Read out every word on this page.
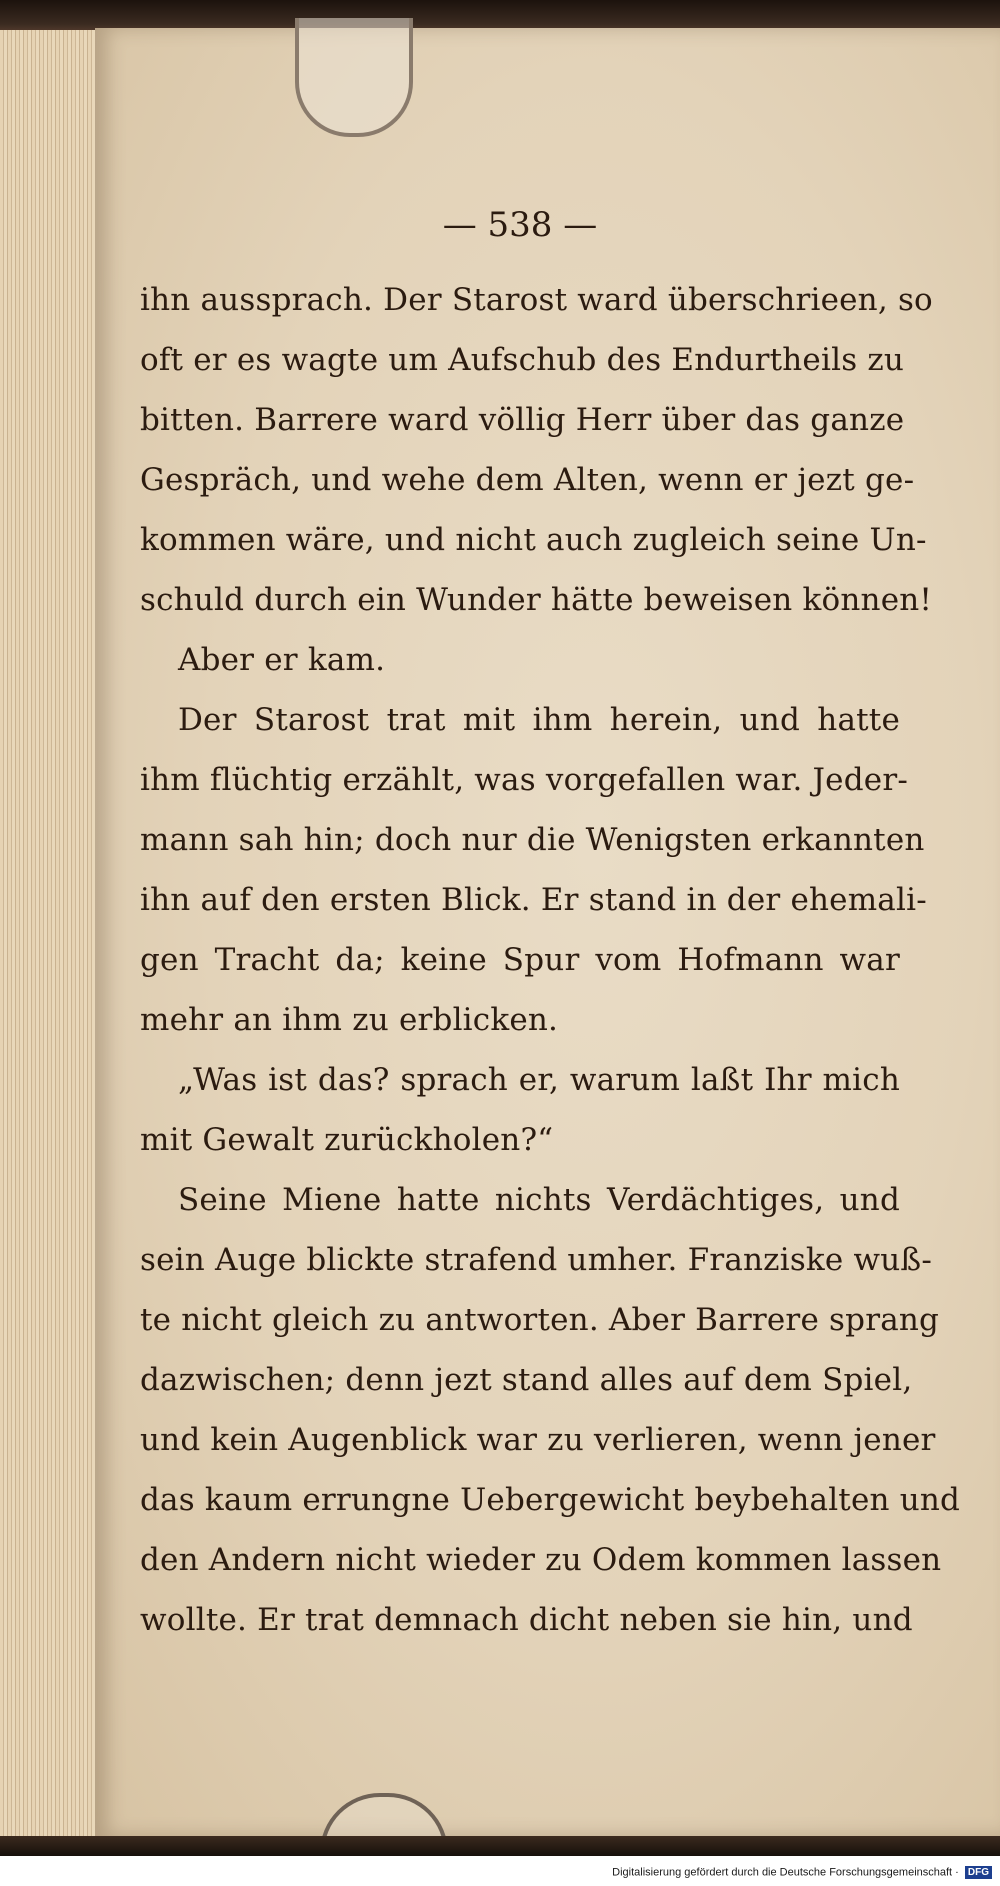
— 538 —
ihn aussprach. Der Starost ward überschrieen, so
oft er es wagte um Aufschub des Endurtheils zu
bitten. Barrere ward völlig Herr über das ganze
Gespräch, und wehe dem Alten, wenn er jezt ge-
kommen wäre, und nicht auch zugleich seine Un-
schuld durch ein Wunder hätte beweisen können!
Aber er kam.
Der Starost trat mit ihm herein, und hatte
ihm flüchtig erzählt, was vorgefallen war. Jeder-
mann sah hin; doch nur die Wenigsten erkannten
ihn auf den ersten Blick. Er stand in der ehemali-
gen Tracht da; keine Spur vom Hofmann war
mehr an ihm zu erblicken.
„Was ist das? sprach er, warum laßt Ihr mich
mit Gewalt zurückholen?“
Seine Miene hatte nichts Verdächtiges, und
sein Auge blickte strafend umher. Franziske wuß-
te nicht gleich zu antworten. Aber Barrere sprang
dazwischen; denn jezt stand alles auf dem Spiel,
und kein Augenblick war zu verlieren, wenn jener
das kaum errungne Uebergewicht beybehalten und
den Andern nicht wieder zu Odem kommen lassen
wollte. Er trat demnach dicht neben sie hin, und
Digitalisierung gefördert durch die Deutsche Forschungsgemeinschaft · DFG
